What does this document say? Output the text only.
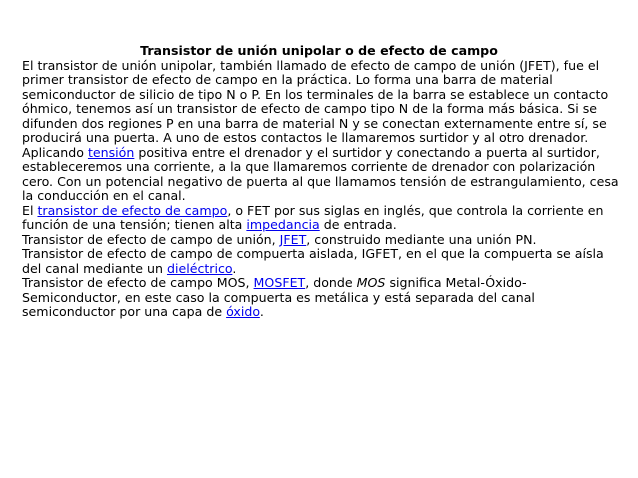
Transistor de unión unipolar o de efecto de campo

El transistor de unión unipolar, también llamado de efecto de campo de unión (JFET), fue el primer transistor de efecto de campo en la práctica. Lo forma una barra de material semiconductor de silicio de tipo N o P. En los terminales de la barra se establece un contacto óhmico, tenemos así un transistor de efecto de campo tipo N de la forma más básica. Si se difunden dos regiones P en una barra de material N y se conectan externamente entre sí, se producirá una puerta. A uno de estos contactos le llamaremos surtidor y al otro drenador. Aplicando tensión positiva entre el drenador y el surtidor y conectando a puerta al surtidor, estableceremos una corriente, a la que llamaremos corriente de drenador con polarización cero. Con un potencial negativo de puerta al que llamamos tensión de estrangulamiento, cesa la conducción en el canal.

El transistor de efecto de campo, o FET por sus siglas en inglés, que controla la corriente en función de una tensión; tienen alta impedancia de entrada.

Transistor de efecto de campo de unión, JFET, construido mediante una unión PN.

Transistor de efecto de campo de compuerta aislada, IGFET, en el que la compuerta se aísla del canal mediante un dieléctrico.

Transistor de efecto de campo MOS, MOSFET, donde MOS significa Metal-Óxido-Semiconductor, en este caso la compuerta es metálica y está separada del canal semiconductor por una capa de óxido.
